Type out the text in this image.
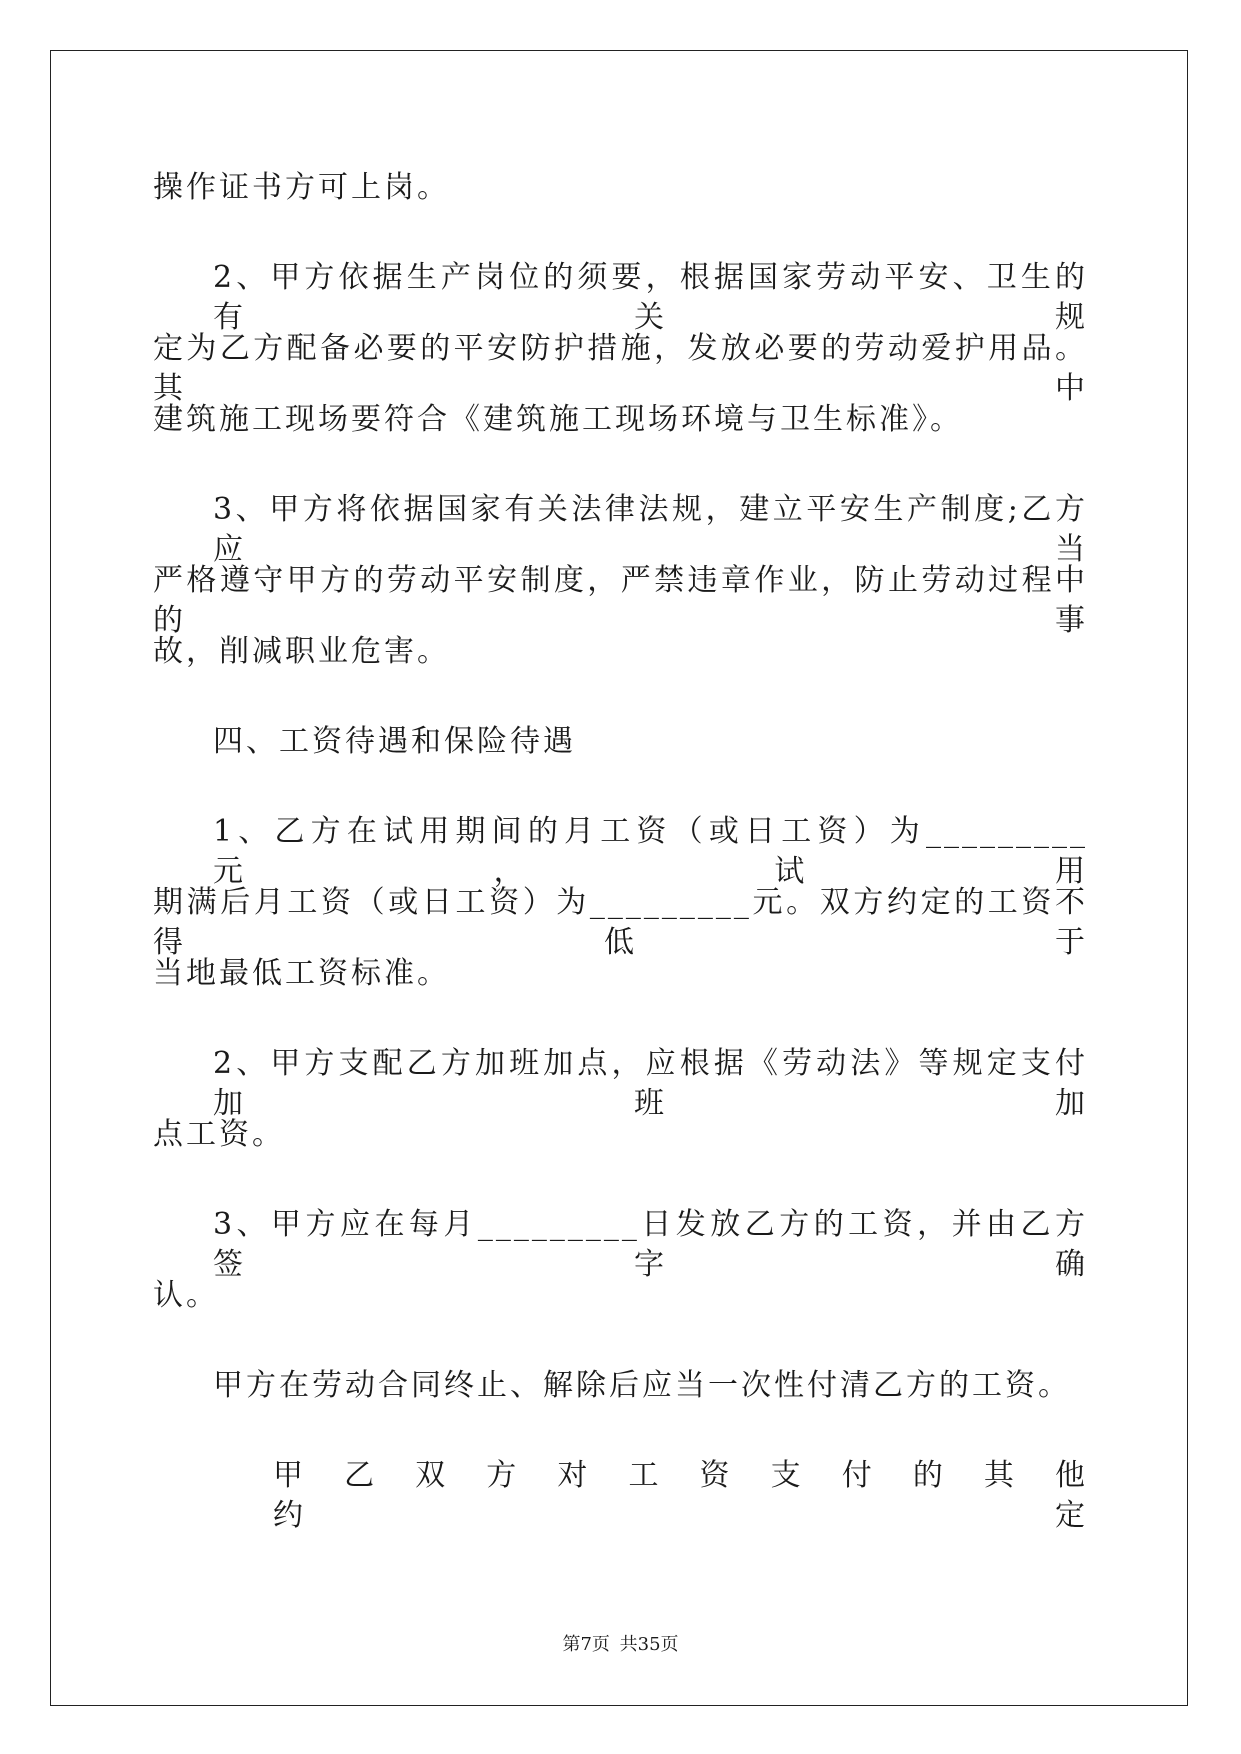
操作证书方可上岗。
2、甲方依据生产岗位的须要，根据国家劳动平安、卫生的有关规
定为乙方配备必要的平安防护措施，发放必要的劳动爱护用品。其中
建筑施工现场要符合《建筑施工现场环境与卫生标准》。
3、甲方将依据国家有关法律法规，建立平安生产制度;乙方应当
严格遵守甲方的劳动平安制度，严禁违章作业，防止劳动过程中的事
故，削减职业危害。
四、工资待遇和保险待遇
1、乙方在试用期间的月工资（或日工资）为_________元，试用
期满后月工资（或日工资）为_________元。双方约定的工资不得低于
当地最低工资标准。
2、甲方支配乙方加班加点，应根据《劳动法》等规定支付加班加
点工资。
3、甲方应在每月_________日发放乙方的工资，并由乙方签字确
认。
甲方在劳动合同终止、解除后应当一次性付清乙方的工资。
甲　乙　双　方　对　工　资　支　付　的　其　他　约　定
第7页 共35页
